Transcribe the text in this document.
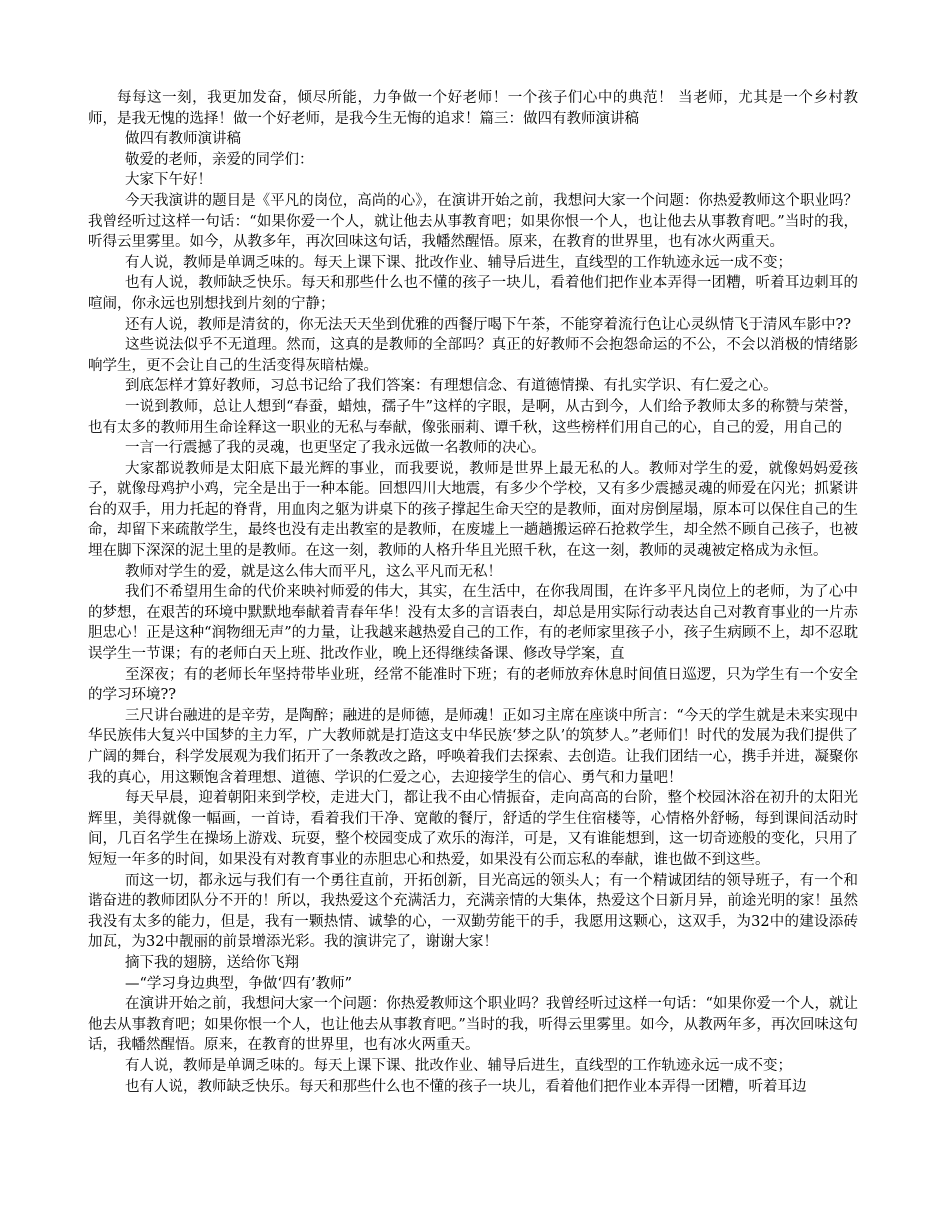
每每这一刻，我更加发奋，倾尽所能，力争做一个好老师！一个孩子们心中的典范！ 当老师，尤其是一个乡村教师，是我无愧的选择！做一个好老师，是我今生无悔的追求！篇三：做四有教师演讲稿

做四有教师演讲稿

敬爱的老师，亲爱的同学们：

大家下午好！

今天我演讲的题目是《平凡的岗位，高尚的心》，在演讲开始之前，我想问大家一个问题：你热爱教师这个职业吗？我曾经听过这样一句话：“如果你爱一个人，就让他去从事教育吧；如果你恨一个人，也让他去从事教育吧。”当时的我，听得云里雾里。如今，从教多年，再次回味这句话，我幡然醒悟。原来，在教育的世界里，也有冰火两重天。

有人说，教师是单调乏味的。每天上课下课、批改作业、辅导后进生，直线型的工作轨迹永远一成不变；

也有人说，教师缺乏快乐。每天和那些什么也不懂的孩子一块儿，看着他们把作业本弄得一团糟，听着耳边刺耳的喧闹，你永远也别想找到片刻的宁静；

还有人说，教师是清贫的，你无法天天坐到优雅的西餐厅喝下午茶，不能穿着流行色让心灵纵情飞于清风车影中??

这些说法似乎不无道理。然而，这真的是教师的全部吗？真正的好教师不会抱怨命运的不公，不会以消极的情绪影响学生，更不会让自己的生活变得灰暗枯燥。

到底怎样才算好教师，习总书记给了我们答案：有理想信念、有道德情操、有扎实学识、有仁爱之心。

一说到教师，总让人想到“春蚕，蜡烛，孺子牛”这样的字眼，是啊，从古到今，人们给予教师太多的称赞与荣誉，也有太多的教师用生命诠释这一职业的无私与奉献，像张丽莉、谭千秋，这些榜样们用自己的心，自己的爱，用自己的

一言一行震撼了我的灵魂，也更坚定了我永远做一名教师的决心。

大家都说教师是太阳底下最光辉的事业，而我要说，教师是世界上最无私的人。教师对学生的爱，就像妈妈爱孩子，就像母鸡护小鸡，完全是出于一种本能。回想四川大地震，有多少个学校，又有多少震撼灵魂的师爱在闪光；抓紧讲台的双手，用力托起的脊背，用血肉之躯为讲桌下的孩子撑起生命天空的是教师，面对房倒屋塌，原本可以保住自己的生命，却留下来疏散学生，最终也没有走出教室的是教师，在废墟上一趟趟搬运碎石抢救学生，却全然不顾自己孩子，也被埋在脚下深深的泥土里的是教师。在这一刻，教师的人格升华且光照千秋，在这一刻，教师的灵魂被定格成为永恒。

教师对学生的爱，就是这么伟大而平凡，这么平凡而无私！

我们不希望用生命的代价来映衬师爱的伟大，其实，在生活中，在你我周围，在许多平凡岗位上的老师，为了心中的梦想，在艰苦的环境中默默地奉献着青春年华！没有太多的言语表白，却总是用实际行动表达自己对教育事业的一片赤胆忠心！正是这种“润物细无声”的力量，让我越来越热爱自己的工作，有的老师家里孩子小，孩子生病顾不上，却不忍耽误学生一节课；有的老师白天上班、批改作业，晚上还得继续备课、修改导学案，直

至深夜；有的老师长年坚持带毕业班，经常不能准时下班；有的老师放弃休息时间值日巡逻，只为学生有一个安全的学习环境??

三尺讲台融进的是辛劳，是陶醉；融进的是师德，是师魂！正如习主席在座谈中所言：“今天的学生就是未来实现中华民族伟大复兴中国梦的主力军，广大教师就是打造这支中华民族‘梦之队’的筑梦人。”老师们！时代的发展为我们提供了广阔的舞台，科学发展观为我们拓开了一条教改之路，呼唤着我们去探索、去创造。让我们团结一心，携手并进，凝聚你我的真心，用这颗饱含着理想、道德、学识的仁爱之心，去迎接学生的信心、勇气和力量吧！

每天早晨，迎着朝阳来到学校，走进大门，都让我不由心情振奋，走向高高的台阶，整个校园沐浴在初升的太阳光辉里，美得就像一幅画，一首诗，看着我们干净、宽敞的餐厅，舒适的学生住宿楼等，心情格外舒畅，每到课间活动时间，几百名学生在操场上游戏、玩耍，整个校园变成了欢乐的海洋，可是，又有谁能想到，这一切奇迹般的变化，只用了短短一年多的时间，如果没有对教育事业的赤胆忠心和热爱，如果没有公而忘私的奉献，谁也做不到这些。

而这一切，都永远与我们有一个勇往直前，开拓创新，目光高远的领头人；有一个精诚团结的领导班子，有一个和谐奋进的教师团队分不开的！所以，我热爱这个充满活力，充满亲情的大集体，热爱这个日新月异，前途光明的家！虽然我没有太多的能力，但是，我有一颗热情、诚挚的心，一双勤劳能干的手，我愿用这颗心，这双手，为32中的建设添砖加瓦，为32中靓丽的前景增添光彩。我的演讲完了，谢谢大家！

摘下我的翅膀，送给你飞翔

—“学习身边典型，争做‘四有’教师”

在演讲开始之前，我想问大家一个问题：你热爱教师这个职业吗？我曾经听过这样一句话：“如果你爱一个人，就让他去从事教育吧；如果你恨一个人，也让他去从事教育吧。”当时的我，听得云里雾里。如今，从教两年多，再次回味这句话，我幡然醒悟。原来，在教育的世界里，也有冰火两重天。

有人说，教师是单调乏味的。每天上课下课、批改作业、辅导后进生，直线型的工作轨迹永远一成不变；

也有人说，教师缺乏快乐。每天和那些什么也不懂的孩子一块儿，看着他们把作业本弄得一团糟，听着耳边
